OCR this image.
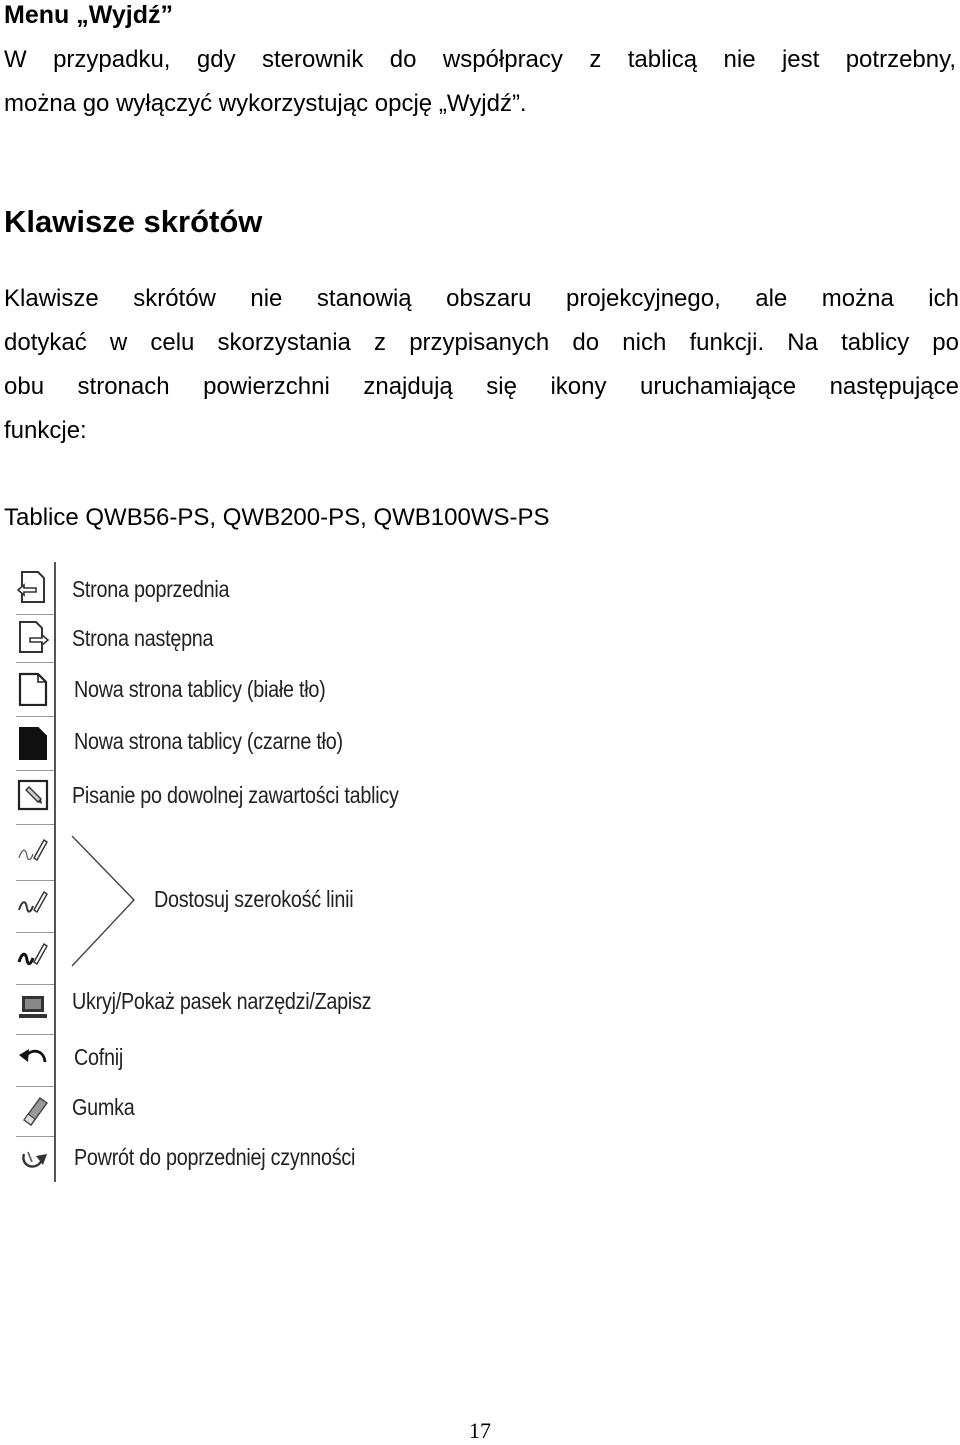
Menu „Wyjdź”

W przypadku, gdy sterownik do współpracy z tablicą nie jest potrzebny,
można go wyłączyć wykorzystując opcję „Wyjdź”.

Klawisze skrótów

Klawisze skrótów nie stanowią obszaru projekcyjnego, ale można ich
dotykać w celu skorzystania z przypisanych do nich funkcji. Na tablicy po
obu stronach powierzchni znajdują się ikony uruchamiające następujące
funkcje:

Tablice QWB56-PS, QWB200-PS, QWB100WS-PS

Strona poprzednia
Strona następna
Nowa strona tablicy (białe tło)
Nowa strona tablicy (czarne tło)
Pisanie po dowolnej zawartości tablicy
Dostosuj szerokość linii
Ukryj/Pokaż pasek narzędzi/Zapisz
Cofnij
Gumka
Powrót do poprzedniej czynności
17
